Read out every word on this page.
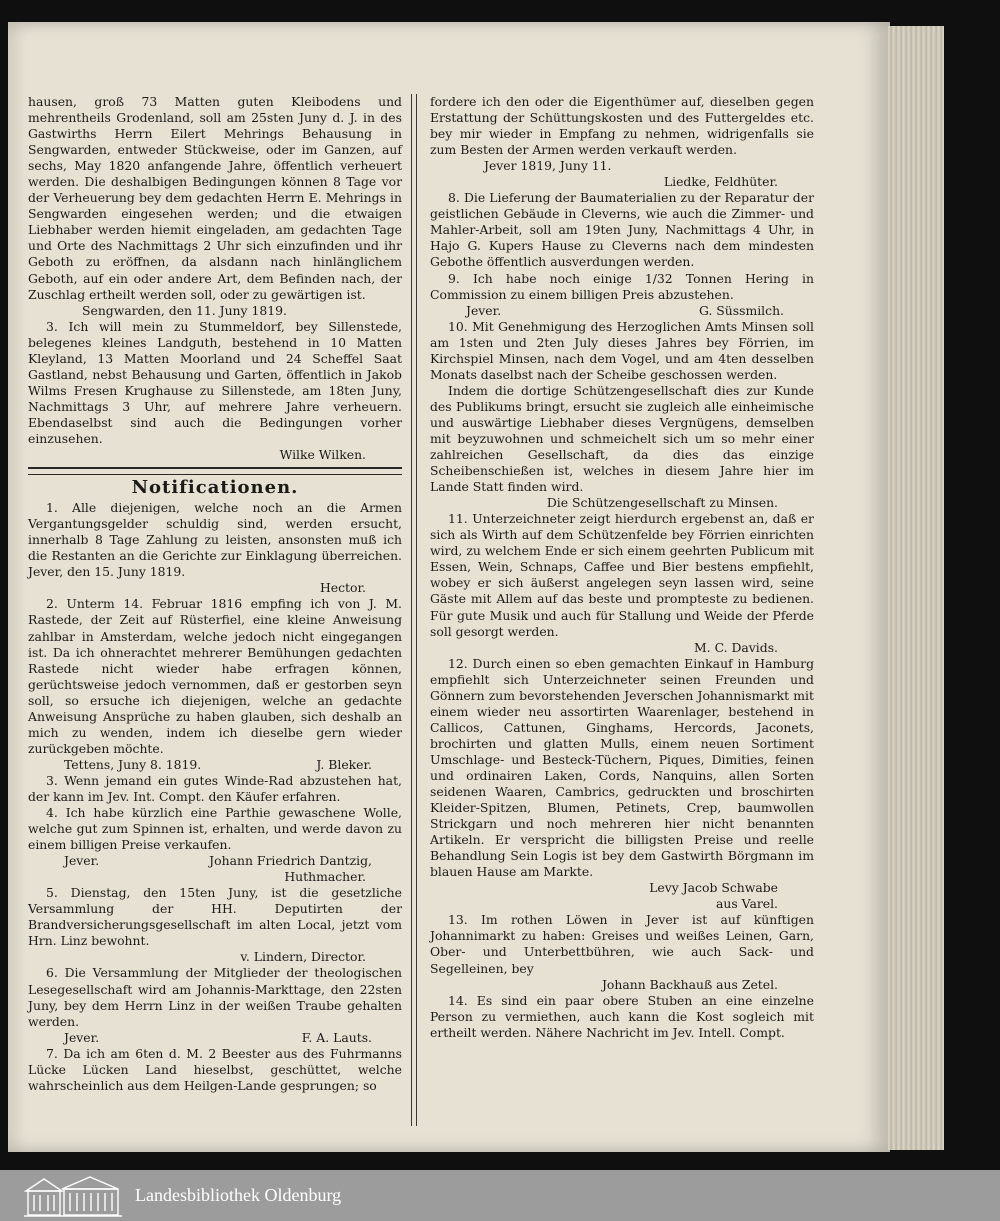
hausen, groß 73 Matten guten Kleibodens und mehrentheils Grodenland, soll am 25sten Juny d. J. in des Gastwirths Herrn Eilert Mehrings Behausung in Sengwarden, entweder Stückweise, oder im Ganzen, auf sechs, May 1820 anfangende Jahre, öffentlich verheuert werden. Die deshalbigen Bedingungen können 8 Tage vor der Verheuerung bey dem gedachten Herrn E. Mehrings in Sengwarden eingesehen werden; und die etwaigen Liebhaber werden hiemit eingeladen, am gedachten Tage und Orte des Nachmittags 2 Uhr sich einzufinden und ihr Geboth zu eröffnen, da alsdann nach hinlänglichem Geboth, auf ein oder andere Art, dem Befinden nach, der Zuschlag ertheilt werden soll, oder zu gewärtigen ist.

Sengwarden, den 11. Juny 1819.

3. Ich will mein zu Stummeldorf, bey Sillenstede, belegenes kleines Landguth, bestehend in 10 Matten Kleyland, 13 Matten Moorland und 24 Scheffel Saat Gastland, nebst Behausung und Garten, öffentlich in Jakob Wilms Fresen Krughause zu Sillenstede, am 18ten Juny, Nachmittags 3 Uhr, auf mehrere Jahre verheuern. Ebendaselbst sind auch die Bedingungen vorher einzusehen.

Wilke Wilken.

Notificationen.

1. Alle diejenigen, welche noch an die Armen Vergantungsgelder schuldig sind, werden ersucht, innerhalb 8 Tage Zahlung zu leisten, ansonsten muß ich die Restanten an die Gerichte zur Einklagung überreichen. Jever, den 15. Juny 1819.

Hector.

2. Unterm 14. Februar 1816 empfing ich von J. M. Rastede, der Zeit auf Rüsterfiel, eine kleine Anweisung zahlbar in Amsterdam, welche jedoch nicht eingegangen ist. Da ich ohnerachtet mehrerer Bemühungen gedachten Rastede nicht wieder habe erfragen können, gerüchtsweise jedoch vernommen, daß er gestorben seyn soll, so ersuche ich diejenigen, welche an gedachte Anweisung Ansprüche zu haben glauben, sich deshalb an mich zu wenden, indem ich dieselbe gern wieder zurückgeben möchte.

Tettens, Juny 8. 1819.	J. Bleker.

3. Wenn jemand ein gutes Winde-Rad abzustehen hat, der kann im Jev. Int. Compt. den Käufer erfahren.

4. Ich habe kürzlich eine Parthie gewaschene Wolle, welche gut zum Spinnen ist, erhalten, und werde davon zu einem billigen Preise verkaufen.

Jever.	Johann Friedrich Dantzig,

Huthmacher.

5. Dienstag, den 15ten Juny, ist die gesetzliche Versammlung der HH. Deputirten der Brandversicherungsgesellschaft im alten Local, jetzt vom Hrn. Linz bewohnt.

v. Lindern, Director.

6. Die Versammlung der Mitglieder der theologischen Lesegesellschaft wird am Johannis-Markttage, den 22sten Juny, bey dem Herrn Linz in der weißen Traube gehalten werden.

Jever.	F. A. Lauts.

7. Da ich am 6ten d. M. 2 Beester aus des Fuhrmanns Lücke Lücken Land hieselbst, geschüttet, welche wahrscheinlich aus dem Heilgen-Lande gesprungen; so

fordere ich den oder die Eigenthümer auf, dieselben gegen Erstattung der Schüttungskosten und des Futtergeldes etc. bey mir wieder in Empfang zu nehmen, widrigenfalls sie zum Besten der Armen werden verkauft werden.

Jever 1819, Juny 11.

Liedke, Feldhüter.

8. Die Lieferung der Baumaterialien zu der Reparatur der geistlichen Gebäude in Cleverns, wie auch die Zimmer- und Mahler-Arbeit, soll am 19ten Juny, Nachmittags 4 Uhr, in Hajo G. Kupers Hause zu Cleverns nach dem mindesten Gebothe öffentlich ausverdungen werden.

9. Ich habe noch einige 1/32 Tonnen Hering in Commission zu einem billigen Preis abzustehen.

Jever.	G. Süssmilch.

10. Mit Genehmigung des Herzoglichen Amts Minsen soll am 1sten und 2ten July dieses Jahres bey Förrien, im Kirchspiel Minsen, nach dem Vogel, und am 4ten desselben Monats daselbst nach der Scheibe geschossen werden.

Indem die dortige Schützengesellschaft dies zur Kunde des Publikums bringt, ersucht sie zugleich alle einheimische und auswärtige Liebhaber dieses Vergnügens, demselben mit beyzuwohnen und schmeichelt sich um so mehr einer zahlreichen Gesellschaft, da dies das einzige Scheibenschießen ist, welches in diesem Jahre hier im Lande Statt finden wird.

Die Schützengesellschaft zu Minsen.

11. Unterzeichneter zeigt hierdurch ergebenst an, daß er sich als Wirth auf dem Schützenfelde bey Förrien einrichten wird, zu welchem Ende er sich einem geehrten Publicum mit Essen, Wein, Schnaps, Caffee und Bier bestens empfiehlt, wobey er sich äußerst angelegen seyn lassen wird, seine Gäste mit Allem auf das beste und prompteste zu bedienen. Für gute Musik und auch für Stallung und Weide der Pferde soll gesorgt werden.

M. C. Davids.

12. Durch einen so eben gemachten Einkauf in Hamburg empfiehlt sich Unterzeichneter seinen Freunden und Gönnern zum bevorstehenden Jeverschen Johannismarkt mit einem wieder neu assortirten Waarenlager, bestehend in Callicos, Cattunen, Ginghams, Hercords, Jaconets, brochirten und glatten Mulls, einem neuen Sortiment Umschlage- und Besteck-Tüchern, Piques, Dimities, feinen und ordinairen Laken, Cords, Nanquins, allen Sorten seidenen Waaren, Cambrics, gedruckten und broschirten Kleider-Spitzen, Blumen, Petinets, Crep, baumwollen Strickgarn und noch mehreren hier nicht benannten Artikeln. Er verspricht die billigsten Preise und reelle Behandlung Sein Logis ist bey dem Gastwirth Börgmann im blauen Hause am Markte.

Levy Jacob Schwabe

aus Varel.

13. Im rothen Löwen in Jever ist auf künftigen Johannimarkt zu haben: Greises und weißes Leinen, Garn, Ober- und Unterbettbühren, wie auch Sack- und Segelleinen, bey

Johann Backhauß aus Zetel.

14. Es sind ein paar obere Stuben an eine einzelne Person zu vermiethen, auch kann die Kost sogleich mit ertheilt werden. Nähere Nachricht im Jev. Intell. Compt.

Landesbibliothek Oldenburg
